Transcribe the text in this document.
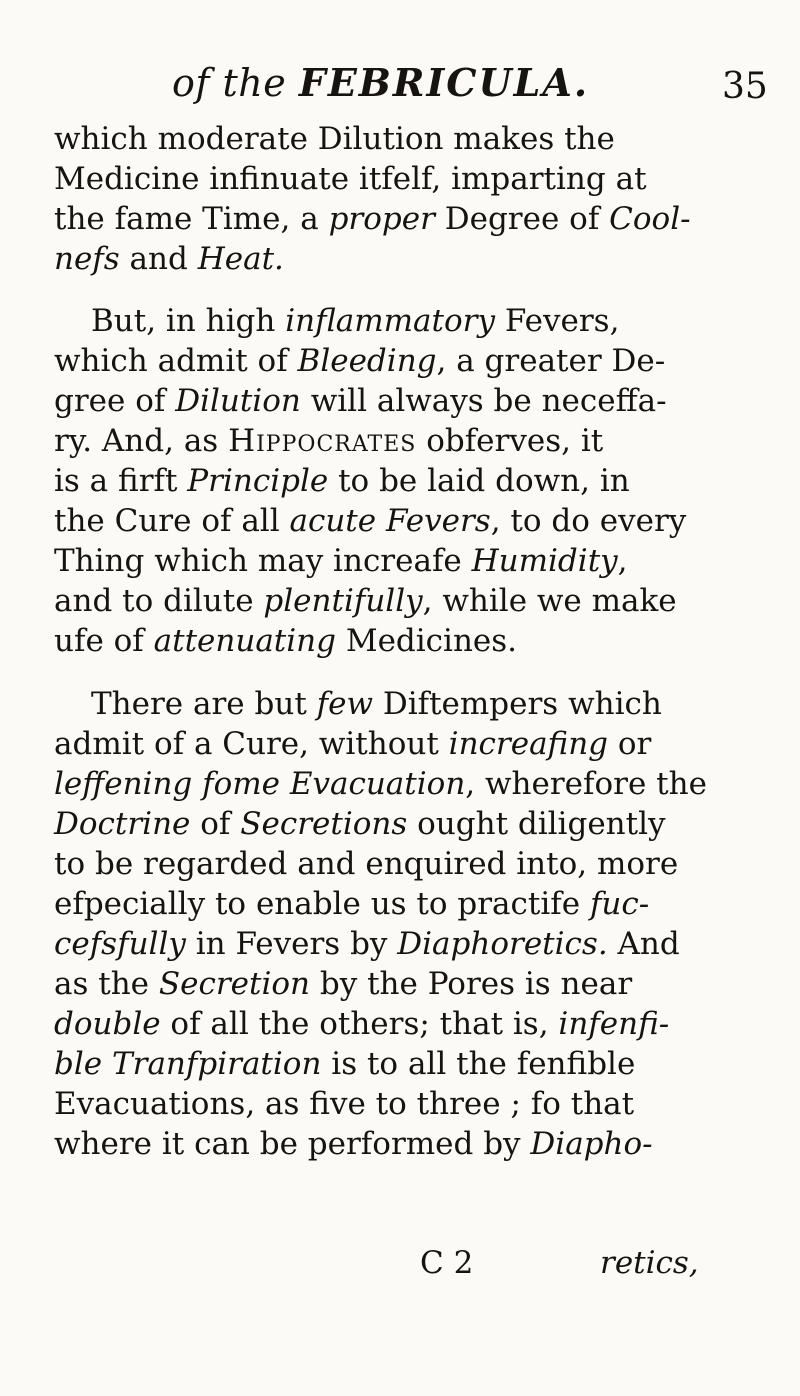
of the FEBRICULA.	35
which moderate Dilution makes the
Medicine infinuate itfelf, imparting at
the fame Time, a proper Degree of Cool-
nefs and Heat.
But, in high inflammatory Fevers,
which admit of Bleeding, a greater De-
gree of Dilution will always be neceffa-
ry. And, as Hippocrates obferves, it
is a firft Principle to be laid down, in
the Cure of all acute Fevers, to do every
Thing which may increafe Humidity,
and to dilute plentifully, while we make
ufe of attenuating Medicines.
There are but few Diftempers which
admit of a Cure, without increafing or
leffening fome Evacuation, wherefore the
Doctrine of Secretions ought diligently
to be regarded and enquired into, more
efpecially to enable us to practife fuc-
cefsfully in Fevers by Diaphoretics. And
as the Secretion by the Pores is near
double of all the others; that is, infenfi-
ble Tranfpiration is to all the fenfible
Evacuations, as five to three ; fo that
where it can be performed by Diapho-
C 2	retics,
